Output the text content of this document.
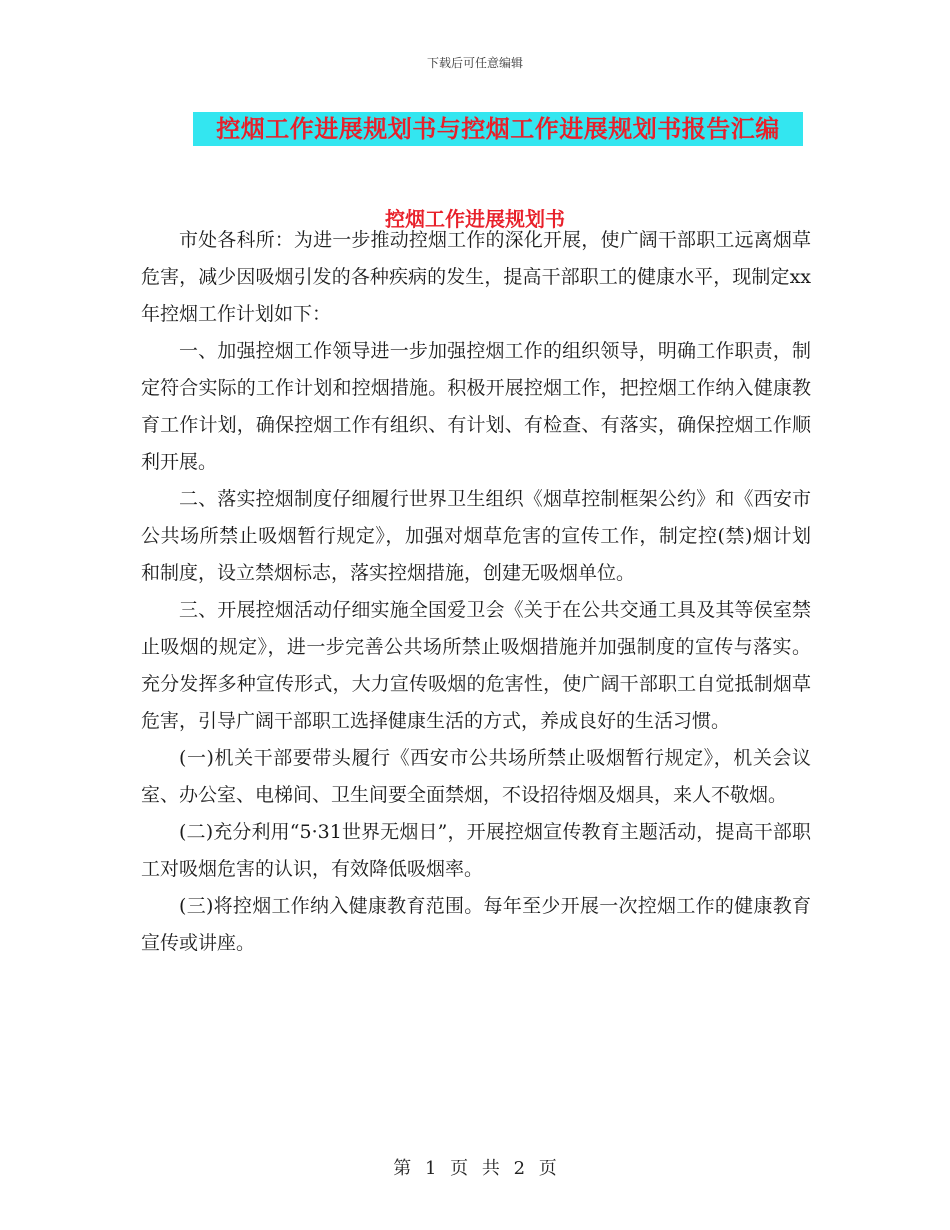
下载后可任意编辑
控烟工作进展规划书与控烟工作进展规划书报告汇编
控烟工作进展规划书

市处各科所：为进一步推动控烟工作的深化开展，使广阔干部职工远离烟草危害，减少因吸烟引发的各种疾病的发生，提高干部职工的健康水平，现制定xx年控烟工作计划如下：

一、加强控烟工作领导进一步加强控烟工作的组织领导，明确工作职责，制定符合实际的工作计划和控烟措施。积极开展控烟工作，把控烟工作纳入健康教育工作计划，确保控烟工作有组织、有计划、有检查、有落实，确保控烟工作顺利开展。

二、落实控烟制度仔细履行世界卫生组织《烟草控制框架公约》和《西安市公共场所禁止吸烟暂行规定》，加强对烟草危害的宣传工作，制定控(禁)烟计划和制度，设立禁烟标志，落实控烟措施，创建无吸烟单位。

三、开展控烟活动仔细实施全国爱卫会《关于在公共交通工具及其等侯室禁止吸烟的规定》，进一步完善公共场所禁止吸烟措施并加强制度的宣传与落实。充分发挥多种宣传形式，大力宣传吸烟的危害性，使广阔干部职工自觉抵制烟草危害，引导广阔干部职工选择健康生活的方式，养成良好的生活习惯。

(一)机关干部要带头履行《西安市公共场所禁止吸烟暂行规定》，机关会议室、办公室、电梯间、卫生间要全面禁烟，不设招待烟及烟具，来人不敬烟。

(二)充分利用“5·31世界无烟日”，开展控烟宣传教育主题活动，提高干部职工对吸烟危害的认识，有效降低吸烟率。

(三)将控烟工作纳入健康教育范围。每年至少开展一次控烟工作的健康教育宣传或讲座。

第 1 页 共 2 页
